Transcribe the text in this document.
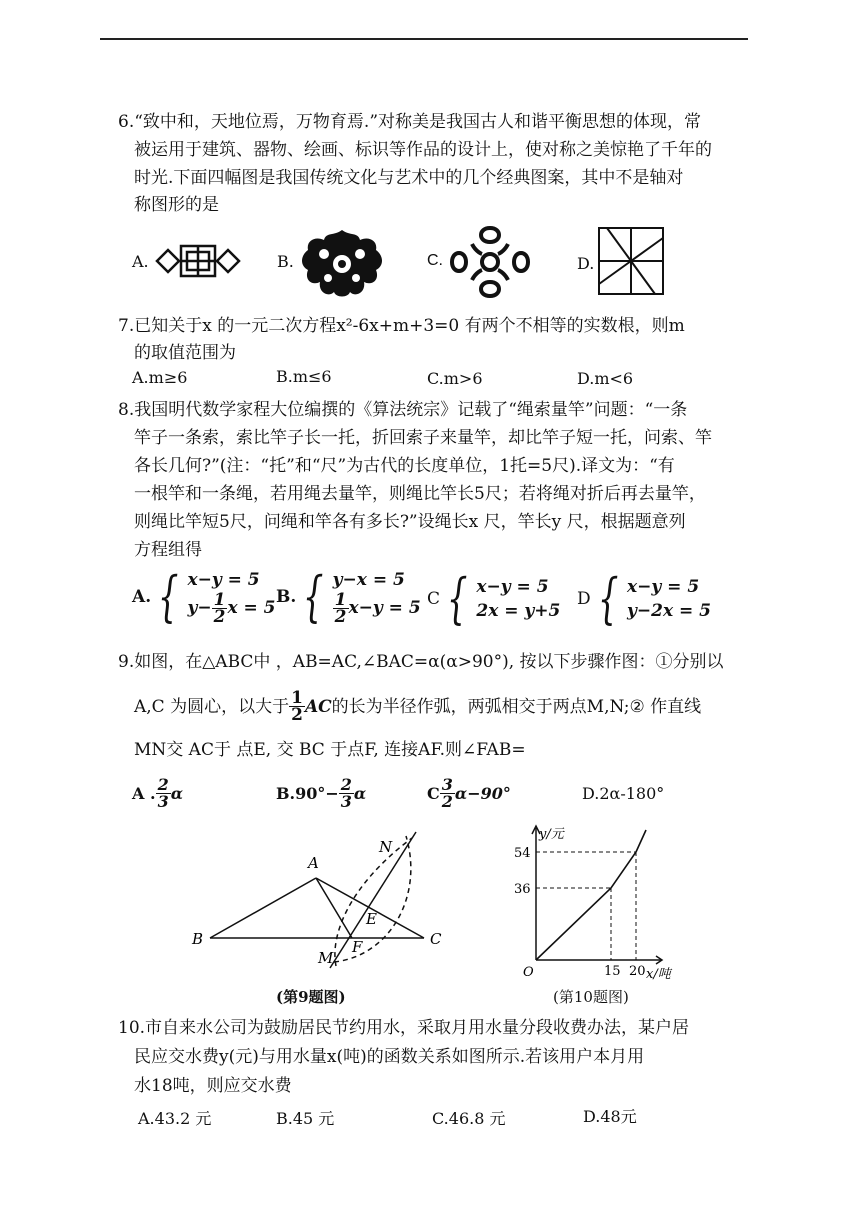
6.“致中和，天地位焉，万物育焉.”对称美是我国古人和谐平衡思想的体现，常
被运用于建筑、器物、绘画、标识等作品的设计上，使对称之美惊艳了千年的
时光.下面四幅图是我国传统文化与艺术中的几个经典图案，其中不是轴对
称图形的是
A.	B.	C.	D.
7.已知关于x 的一元二次方程x²-6x+m+3=0 有两个不相等的实数根，则m
的取值范围为
A.m≥6	B.m≤6	C.m>6	D.m<6
8.我国明代数学家程大位编撰的《算法统宗》记载了“绳索量竿”问题：“一条
竿子一条索，索比竿子长一托，折回索子来量竿，却比竿子短一托，问索、竿
各长几何?”(注：“托”和“尺”为古代的长度单位，1托=5尺).译文为：“有
一根竿和一条绳，若用绳去量竿，则绳比竿长5尺；若将绳对折后再去量竿，
则绳比竿短5尺，问绳和竿各有多长?”设绳长x 尺，竿长y 尺，根据题意列
方程组得
A. { x−y = 5
$y- \frac{1}{2}$ x = 5
B. { y−x = 5
$\frac{1}{2} x-y = 5$ C { x−y = 5
2x = y+5
D { x−y = 5
y−2x = 5
9.如图，在△ABC中 ，AB=AC,∠BAC=α(α>90°), 按以下步骤作图：①分别以
A,C 为圆心，以大于 $\frac{1}{2}$ AC 的长为半径作弧，两弧相交于两点M,N;② 作直线
MN交 AC于 点E, 交 BC 于点F, 连接AF.则∠FAB=
A . $\frac{2}{3}$ α	$B.90^\circ- \frac{2}{3}$ α	C $\frac{3}{2} \alpha-90^\circ$	D.2α-180°
A
B	C
N
M
E
F
(第9题图)
y/元
x/吨
O	15 20
36
54
(第10题图)
10.市自来水公司为鼓励居民节约用水，采取月用水量分段收费办法，某户居
民应交水费y(元)与用水量x(吨)的函数关系如图所示.若该用户本月用
水18吨，则应交水费
A.43.2 元	B.45 元	C.46.8 元	D.48元
